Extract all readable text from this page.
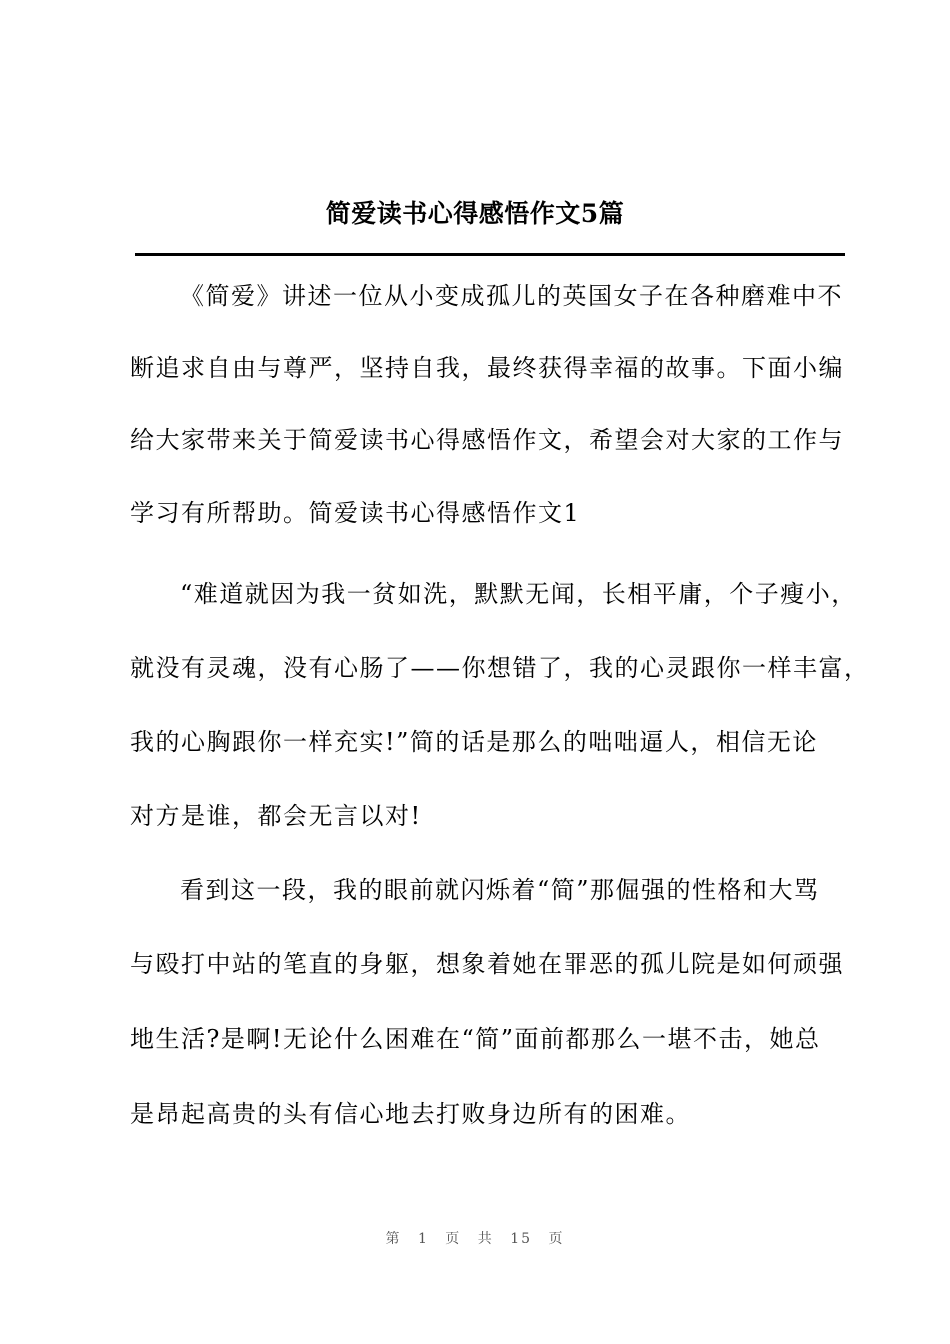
简爱读书心得感悟作文5篇
《简爱》讲述一位从小变成孤儿的英国女子在各种磨难中不
断追求自由与尊严，坚持自我，最终获得幸福的故事。下面小编
给大家带来关于简爱读书心得感悟作文，希望会对大家的工作与
学习有所帮助。简爱读书心得感悟作文1
“难道就因为我一贫如洗，默默无闻，长相平庸，个子瘦小，
就没有灵魂，没有心肠了——你想错了，我的心灵跟你一样丰富，
我的心胸跟你一样充实!”简的话是那么的咄咄逼人，相信无论
对方是谁，都会无言以对!
看到这一段，我的眼前就闪烁着“简”那倔强的性格和大骂
与殴打中站的笔直的身躯，想象着她在罪恶的孤儿院是如何顽强
地生活?是啊!无论什么困难在“简”面前都那么一堪不击，她总
是昂起高贵的头有信心地去打败身边所有的困难。
第 1 页 共 15 页
